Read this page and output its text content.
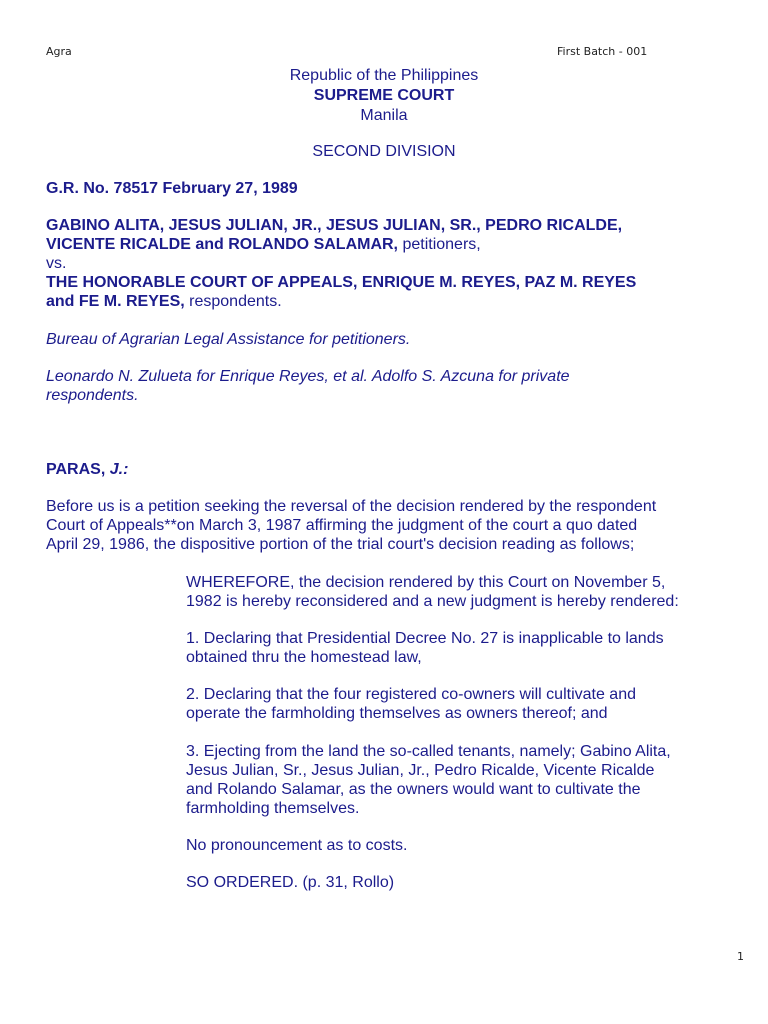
Agra	First Batch - 001
Republic of the Philippines
SUPREME COURT
Manila
SECOND DIVISION
G.R. No. 78517 February 27, 1989
GABINO ALITA, JESUS JULIAN, JR., JESUS JULIAN, SR., PEDRO RICALDE,
VICENTE RICALDE and ROLANDO SALAMAR, petitioners,
vs.
THE HONORABLE COURT OF APPEALS, ENRIQUE M. REYES, PAZ M. REYES
and FE M. REYES, respondents.
Bureau of Agrarian Legal Assistance for petitioners.
Leonardo N. Zulueta for Enrique Reyes, et al. Adolfo S. Azcuna for private
respondents.
PARAS, J.:
Before us is a petition seeking the reversal of the decision rendered by the respondent
Court of Appeals**on March 3, 1987 affirming the judgment of the court a quo dated
April 29, 1986, the dispositive portion of the trial court's decision reading as follows;
WHEREFORE, the decision rendered by this Court on November 5,
1982 is hereby reconsidered and a new judgment is hereby rendered:
1. Declaring that Presidential Decree No. 27 is inapplicable to lands
obtained thru the homestead law,
2. Declaring that the four registered co-owners will cultivate and
operate the farmholding themselves as owners thereof; and
3. Ejecting from the land the so-called tenants, namely; Gabino Alita,
Jesus Julian, Sr., Jesus Julian, Jr., Pedro Ricalde, Vicente Ricalde
and Rolando Salamar, as the owners would want to cultivate the
farmholding themselves.
No pronouncement as to costs.
SO ORDERED. (p. 31, Rollo)
1
